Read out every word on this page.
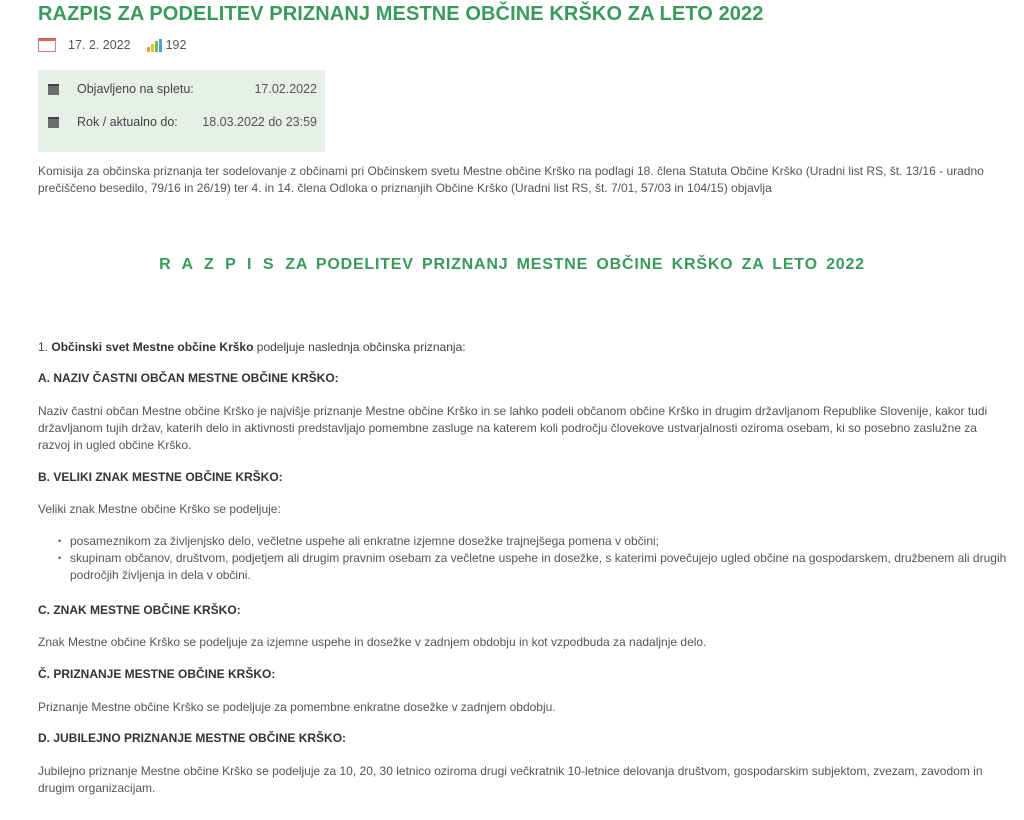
RAZPIS ZA PODELITEV PRIZNANJ MESTNE OBČINE KRŠKO ZA LETO 2022
17. 2. 2022	192
Objavljeno na spletu:	17.02.2022
Rok / aktualno do: 18.03.2022 do 23:59

Komisija za občinska priznanja ter sodelovanje z občinami pri Občinskem svetu Mestne občine Krško na podlagi 18. člena Statuta Občine Krško (Uradni list RS, št. 13/16 - uradno prečiščeno besedilo, 79/16 in 26/19) ter 4. in 14. člena Odloka o priznanjih Občine Krško (Uradni list RS, št. 7/01, 57/03 in 104/15) objavlja

R A Z P I S ZA PODELITEV PRIZNANJ MESTNE OBČINE KRŠKO ZA LETO 2022

1. Občinski svet Mestne občine Krško podeljuje naslednja občinska priznanja:

A. NAZIV ČASTNI OBČAN MESTNE OBČINE KRŠKO:

Naziv častni občan Mestne občine Krško je najvišje priznanje Mestne občine Krško in se lahko podeli občanom občine Krško in drugim državljanom Republike Slovenije, kakor tudi državljanom tujih držav, katerih delo in aktivnosti predstavljajo pomembne zasluge na katerem koli področju človekove ustvarjalnosti oziroma osebam, ki so posebno zaslužne za razvoj in ugled občine Krško.

B. VELIKI ZNAK MESTNE OBČINE KRŠKO:

Veliki znak Mestne občine Krško se podeljuje:

• posameznikom za življenjsko delo, večletne uspehe ali enkratne izjemne dosežke trajnejšega pomena v občini;
• skupinam občanov, društvom, podjetjem ali drugim pravnim osebam za večletne uspehe in dosežke, s katerimi povečujejo ugled občine na gospodarskem, družbenem ali drugih področjih življenja in dela v občini.

C. ZNAK MESTNE OBČINE KRŠKO:

Znak Mestne občine Krško se podeljuje za izjemne uspehe in dosežke v zadnjem obdobju in kot vzpodbuda za nadaljnje delo.

Č. PRIZNANJE MESTNE OBČINE KRŠKO:

Priznanje Mestne občine Krško se podeljuje za pomembne enkratne dosežke v zadnjem obdobju.

D. JUBILEJNO PRIZNANJE MESTNE OBČINE KRŠKO:

Jubilejno priznanje Mestne občine Krško se podeljuje za 10, 20, 30 letnico oziroma drugi večkratnik 10-letnice delovanja društvom, gospodarskim subjektom, zvezam, zavodom in drugim organizacijam.
